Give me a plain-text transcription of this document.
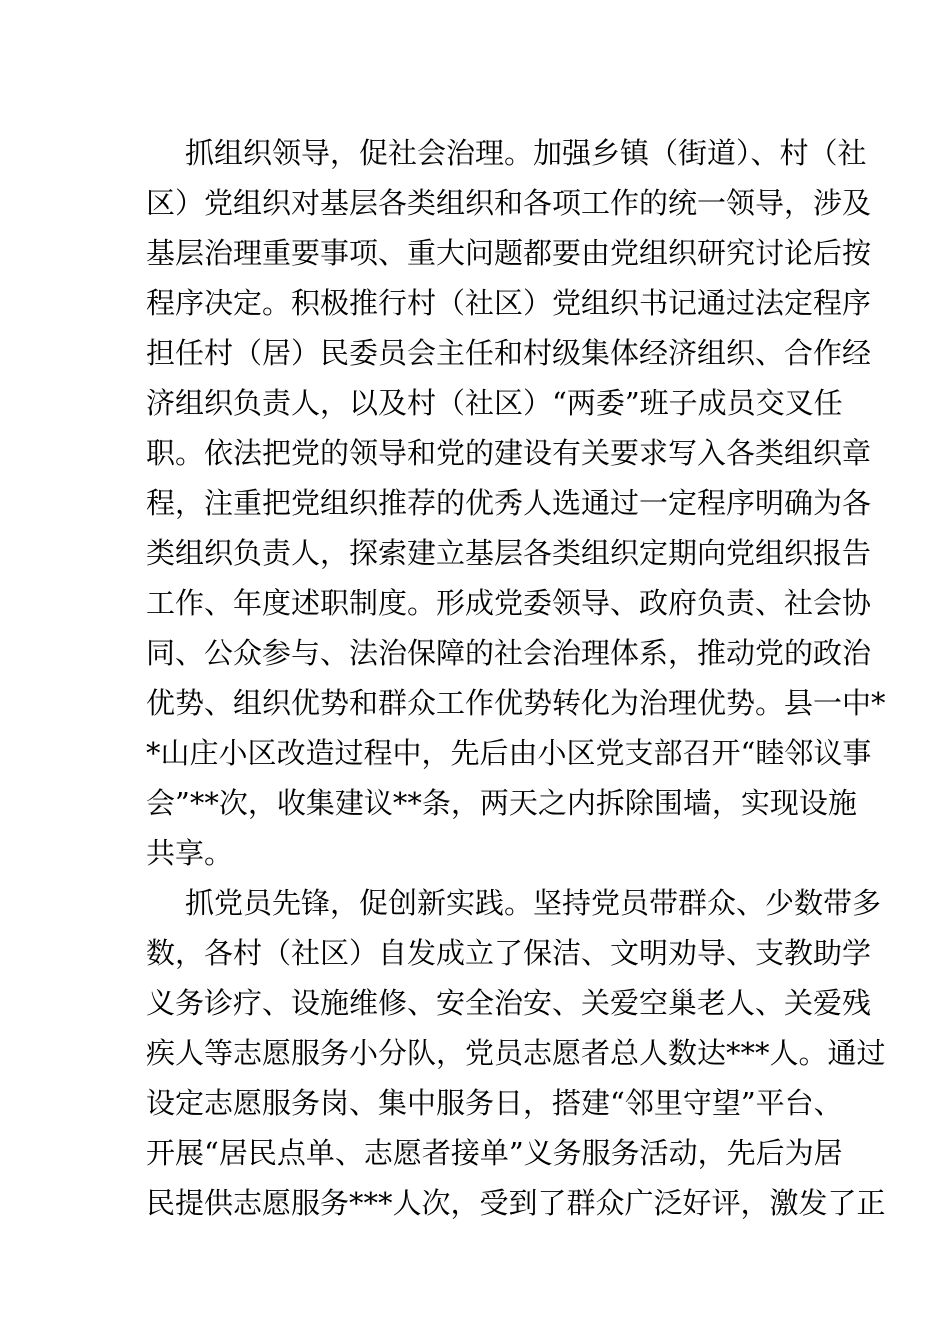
抓组织领导，促社会治理。加强乡镇（街道）、村（社
区）党组织对基层各类组织和各项工作的统一领导，涉及
基层治理重要事项、重大问题都要由党组织研究讨论后按
程序决定。积极推行村（社区）党组织书记通过法定程序
担任村（居）民委员会主任和村级集体经济组织、合作经
济组织负责人，以及村（社区）“两委”班子成员交叉任
职。依法把党的领导和党的建设有关要求写入各类组织章
程，注重把党组织推荐的优秀人选通过一定程序明确为各
类组织负责人，探索建立基层各类组织定期向党组织报告
工作、年度述职制度。形成党委领导、政府负责、社会协
同、公众参与、法治保障的社会治理体系，推动党的政治
优势、组织优势和群众工作优势转化为治理优势。县一中*
*山庄小区改造过程中，先后由小区党支部召开“睦邻议事
会”**次，收集建议**条，两天之内拆除围墙，实现设施
共享。
抓党员先锋，促创新实践。坚持党员带群众、少数带多
数，各村（社区）自发成立了保洁、文明劝导、支教助学
义务诊疗、设施维修、安全治安、关爱空巢老人、关爱残
疾人等志愿服务小分队，党员志愿者总人数达***人。通过
设定志愿服务岗、集中服务日，搭建“邻里守望”平台、
开展“居民点单、志愿者接单”义务服务活动，先后为居
民提供志愿服务***人次，受到了群众广泛好评，激发了正
